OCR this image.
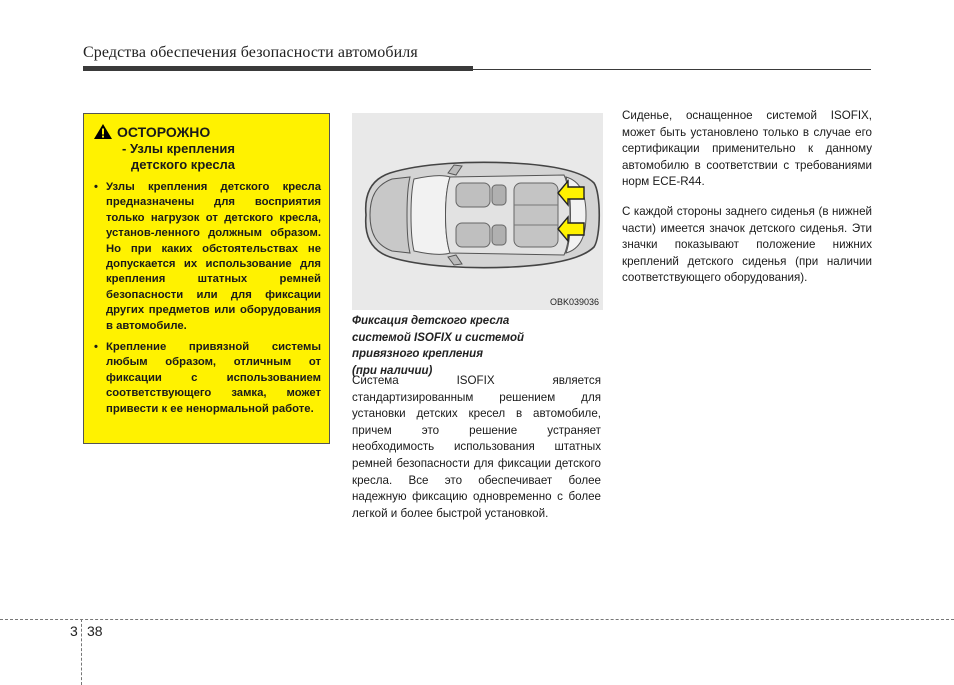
Средства обеспечения безопасности автомобиля
ОСТОРОЖНО
- Узлы крепления
детского кресла
• Узлы крепления детского кресла предназначены для восприятия только нагрузок от детского кресла, установ-ленного должным образом. Но при каких обстоятельствах не допускается их использование для крепления штатных ремней безопасности или для фиксации других предметов или оборудования в автомобиле.
• Крепление привязной системы любым образом, отличным от фиксации с использованием соответствующего замка, может привести к ее ненормальной работе.
OBK039036
Фиксация детского кресла
системой ISOFIX и системой
привязного крепления
(при наличии)
Система ISOFIX является стандартизированным решением для установки детских кресел в автомобиле, причем это решение устраняет необходимость использования штатных ремней безопасности для фиксации детского кресла. Все это обеспечивает более надежную фиксацию одновременно с более легкой и более быстрой установкой.

Сиденье, оснащенное системой ISOFIX, может быть установлено только в случае его сертификации применительно к данному автомобилю в соответствии с требованиями норм ECE-R44.

С каждой стороны заднего сиденья (в нижней части) имеется значок детского сиденья. Эти значки показывают положение нижних креплений детского сиденья (при наличии соответствующего оборудования).

3 38
